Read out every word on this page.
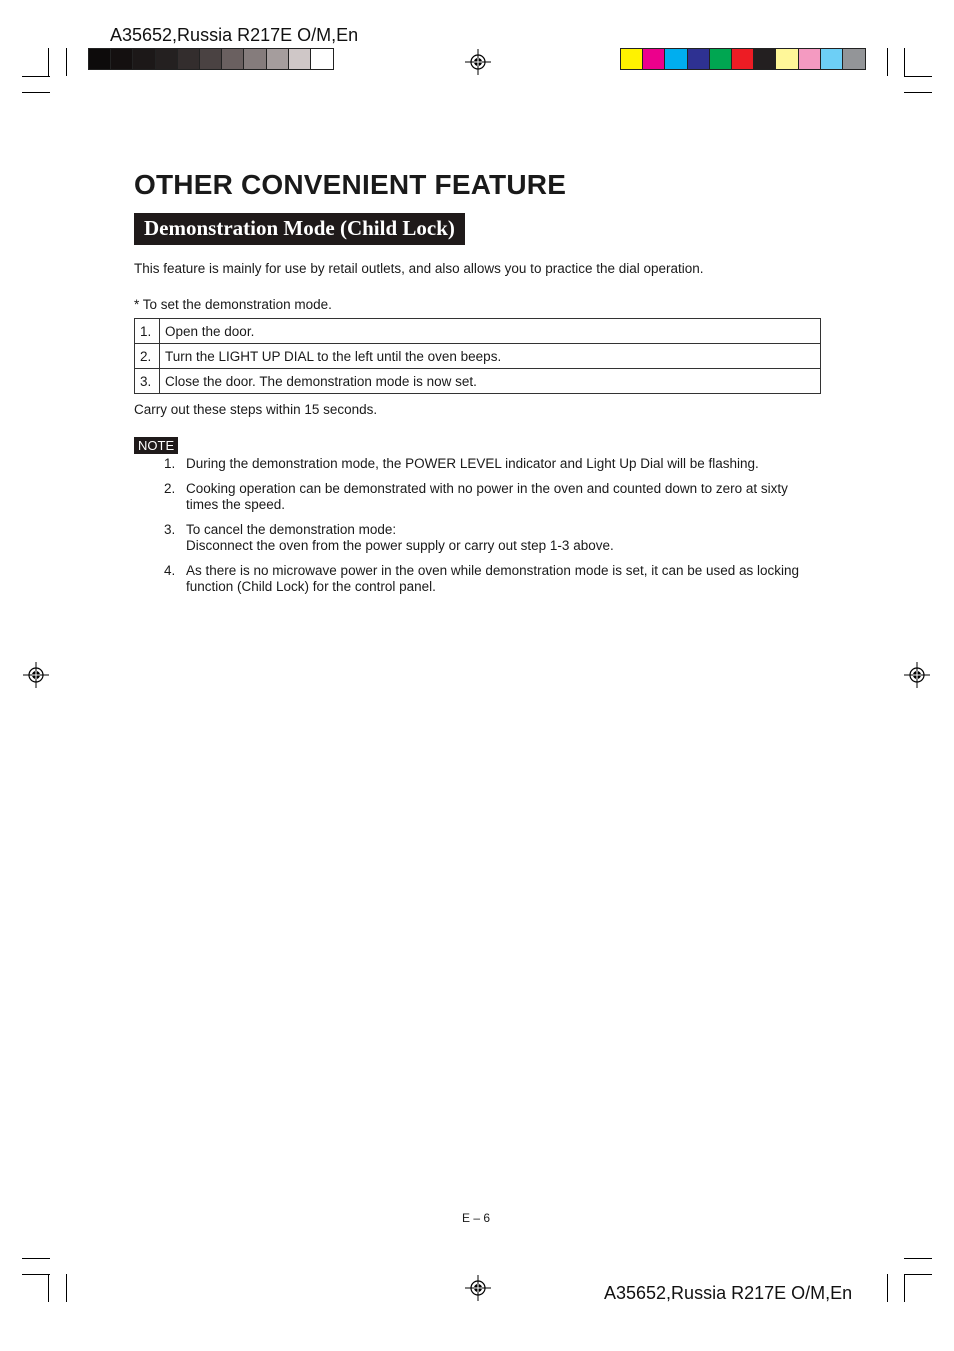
A35652,Russia R217E O/M,En
OTHER CONVENIENT FEATURE
Demonstration Mode (Child Lock)
This feature is mainly for use by retail outlets, and also allows you to practice the dial operation.
* To set the demonstration mode.
1.	Open the door.
2.	Turn the LIGHT UP DIAL to the left until the oven beeps.
3.	Close the door. The demonstration mode is now set.
Carry out these steps within 15 seconds.
NOTE
1. During the demonstration mode, the POWER LEVEL indicator and Light Up Dial will be flashing.
2. Cooking operation can be demonstrated with no power in the oven and counted down to zero at sixty
times the speed.
3. To cancel the demonstration mode:
Disconnect the oven from the power supply or carry out step 1-3 above.
4. As there is no microwave power in the oven while demonstration mode is set, it can be used as locking
function (Child Lock) for the control panel.
E – 6
A35652,Russia R217E O/M,En
